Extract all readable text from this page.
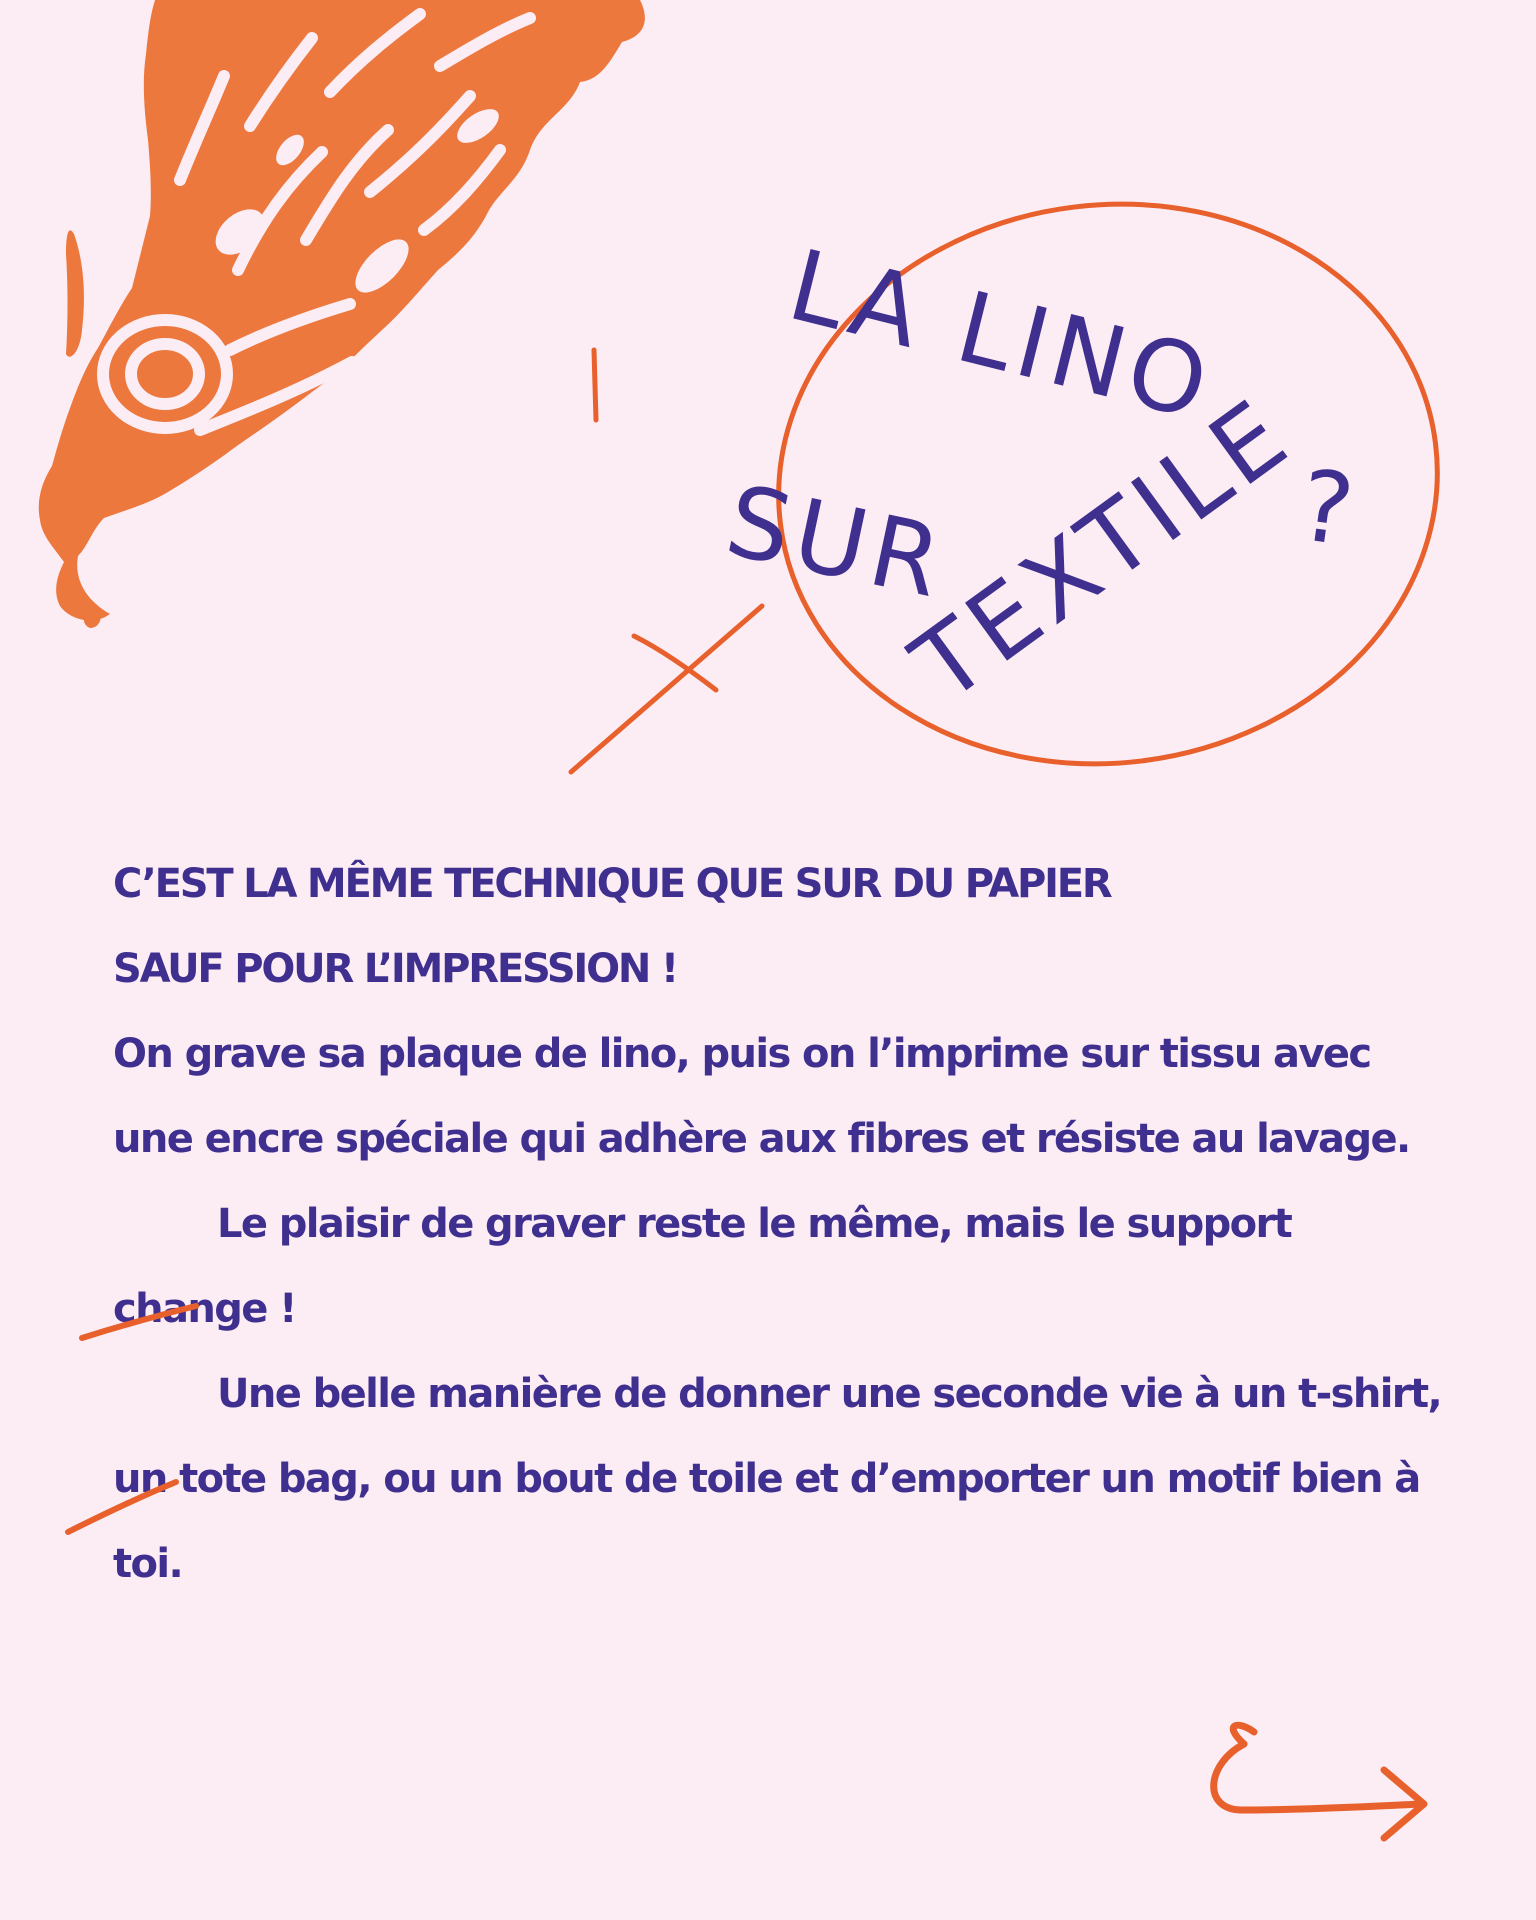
LA LINO
SUR
TEXTILE
?
C’EST LA MÊME TECHNIQUE QUE SUR DU PAPIER
SAUF POUR L’IMPRESSION !

On grave sa plaque de lino, puis on l’imprime sur tissu avec une encre spéciale qui adhère aux fibres et résiste au lavage.

Le plaisir de graver reste le même, mais le support change !

Une belle manière de donner une seconde vie à un t-shirt, un tote bag, ou un bout de toile et d’emporter un motif bien à toi.
